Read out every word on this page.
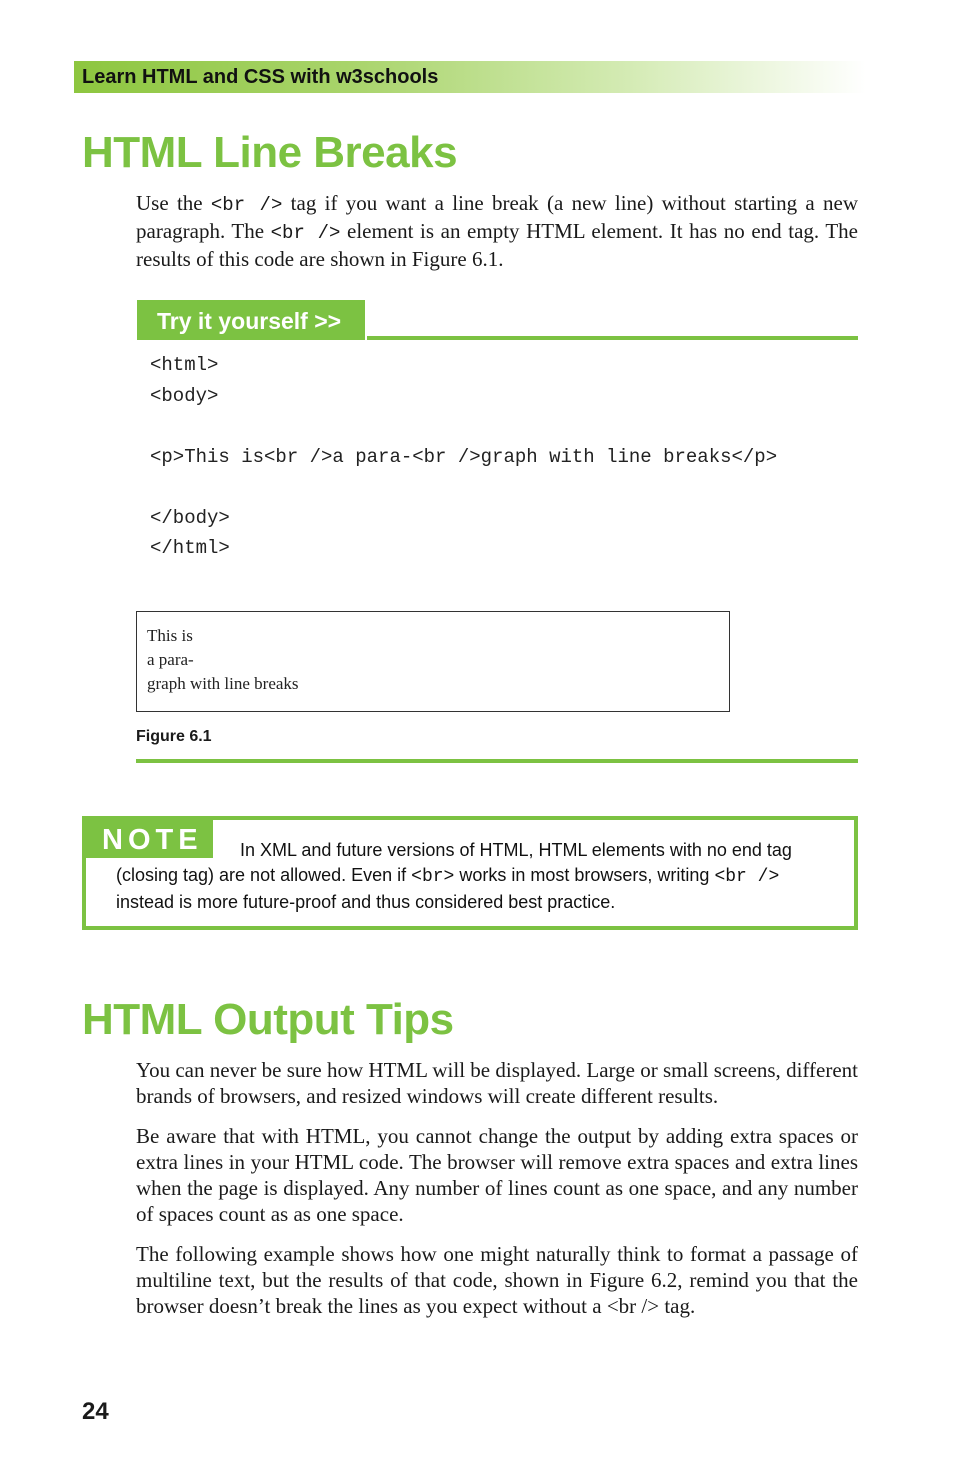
Learn HTML and CSS with w3schools
HTML Line Breaks

Use the <br /> tag if you want a line break (a new line) without starting a new paragraph. The <br /> element is an empty HTML element. It has no end tag. The results of this code are shown in Figure 6.1.

Try it yourself >>
<html>
<body>
<p>This is<br />a para-<br />graph with line breaks</p>
</body>
</html>
This is
a para-
graph with line breaks
Figure 6.1
NOTE	In XML and future versions of HTML, HTML elements with no end tag (closing tag) are not allowed. Even if <br> works in most browsers, writing <br /> instead is more future-proof and thus considered best practice.

HTML Output Tips

You can never be sure how HTML will be displayed. Large or small screens, different brands of browsers, and resized windows will create different results.

Be aware that with HTML, you cannot change the output by adding extra spaces or extra lines in your HTML code. The browser will remove extra spaces and extra lines when the page is displayed. Any number of lines count as one space, and any number of spaces count as as one space.

The following example shows how one might naturally think to format a passage of multiline text, but the results of that code, shown in Figure 6.2, remind you that the browser doesn’t break the lines as you expect without a <br /> tag.

24
